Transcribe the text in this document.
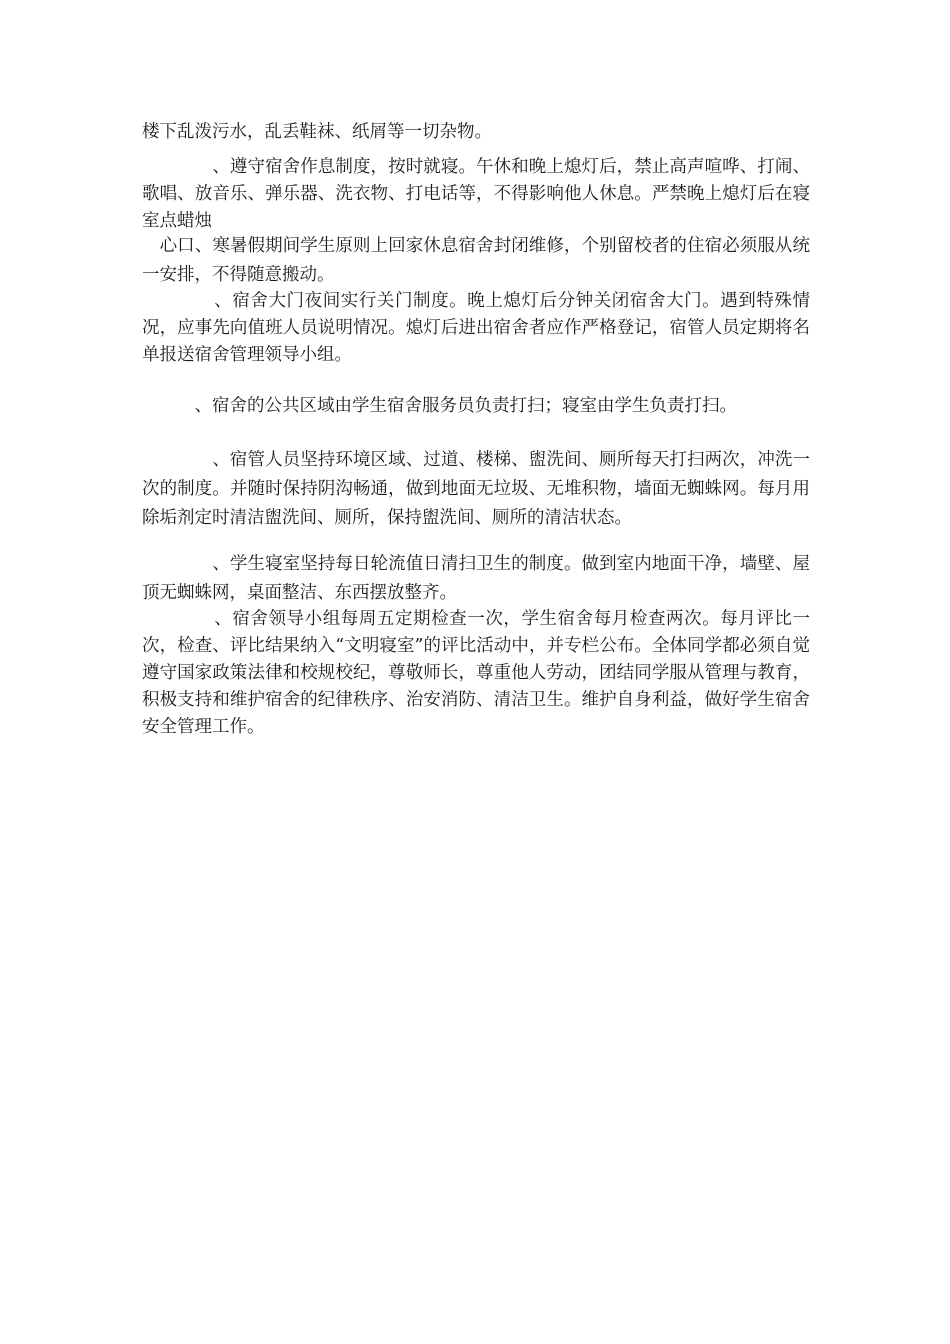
楼下乱泼污水，乱丢鞋袜、纸屑等一切杂物。

　　　　、遵守宿舍作息制度，按时就寝。午休和晚上熄灯后，禁止高声喧哗、打闹、歌唱、放音乐、弹乐器、洗衣物、打电话等，不得影响他人休息。严禁晚上熄灯后在寝室点蜡烛

　心口、寒暑假期间学生原则上回家休息宿舍封闭维修，个别留校者的住宿必须服从统一安排，不得随意搬动。

　　　　、宿舍大门夜间实行关门制度。晚上熄灯后分钟关闭宿舍大门。遇到特殊情况，应事先向值班人员说明情况。熄灯后进出宿舍者应作严格登记，宿管人员定期将名单报送宿舍管理领导小组。

　　　、宿舍的公共区域由学生宿舍服务员负责打扫；寝室由学生负责打扫。

　　　　、宿管人员坚持环境区域、过道、楼梯、盥洗间、厕所每天打扫两次，冲洗一次的制度。并随时保持阴沟畅通，做到地面无垃圾、无堆积物，墙面无蜘蛛网。每月用除垢剂定时清洁盥洗间、厕所，保持盥洗间、厕所的清洁状态。

　　　　、学生寝室坚持每日轮流值日清扫卫生的制度。做到室内地面干净，墙壁、屋顶无蜘蛛网，桌面整洁、东西摆放整齐。

　　　　、宿舍领导小组每周五定期检查一次，学生宿舍每月检查两次。每月评比一次，检查、评比结果纳入“文明寝室”的评比活动中，并专栏公布。全体同学都必须自觉遵守国家政策法律和校规校纪，尊敬师长，尊重他人劳动，团结同学服从管理与教育，积极支持和维护宿舍的纪律秩序、治安消防、清洁卫生。维护自身利益，做好学生宿舍安全管理工作。
